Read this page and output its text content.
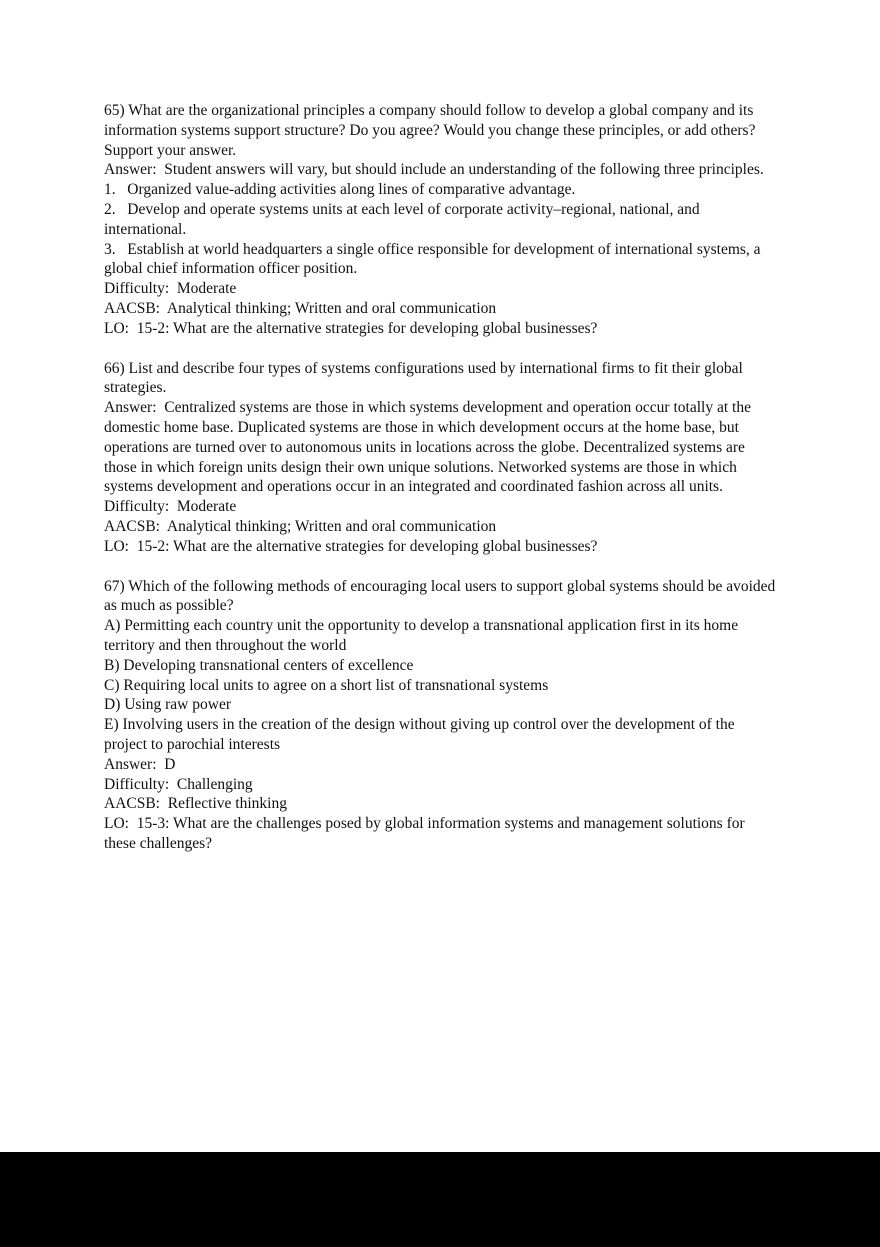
65) What are the organizational principles a company should follow to develop a global company and its information systems support structure? Do you agree? Would you change these principles, or add others? Support your answer.
Answer:  Student answers will vary, but should include an understanding of the following three principles.
1.   Organized value-adding activities along lines of comparative advantage.
2.   Develop and operate systems units at each level of corporate activity–regional, national, and international.
3.   Establish at world headquarters a single office responsible for development of international systems, a global chief information officer position.
Difficulty:  Moderate
AACSB:  Analytical thinking; Written and oral communication
LO:  15-2: What are the alternative strategies for developing global businesses?
66) List and describe four types of systems configurations used by international firms to fit their global strategies.
Answer:  Centralized systems are those in which systems development and operation occur totally at the domestic home base. Duplicated systems are those in which development occurs at the home base, but operations are turned over to autonomous units in locations across the globe. Decentralized systems are those in which foreign units design their own unique solutions. Networked systems are those in which systems development and operations occur in an integrated and coordinated fashion across all units.
Difficulty:  Moderate
AACSB:  Analytical thinking; Written and oral communication
LO:  15-2: What are the alternative strategies for developing global businesses?
67) Which of the following methods of encouraging local users to support global systems should be avoided as much as possible?
A) Permitting each country unit the opportunity to develop a transnational application first in its home territory and then throughout the world
B) Developing transnational centers of excellence
C) Requiring local units to agree on a short list of transnational systems
D) Using raw power
E) Involving users in the creation of the design without giving up control over the development of the project to parochial interests
Answer:  D
Difficulty:  Challenging
AACSB:  Reflective thinking
LO:  15-3: What are the challenges posed by global information systems and management solutions for these challenges?
